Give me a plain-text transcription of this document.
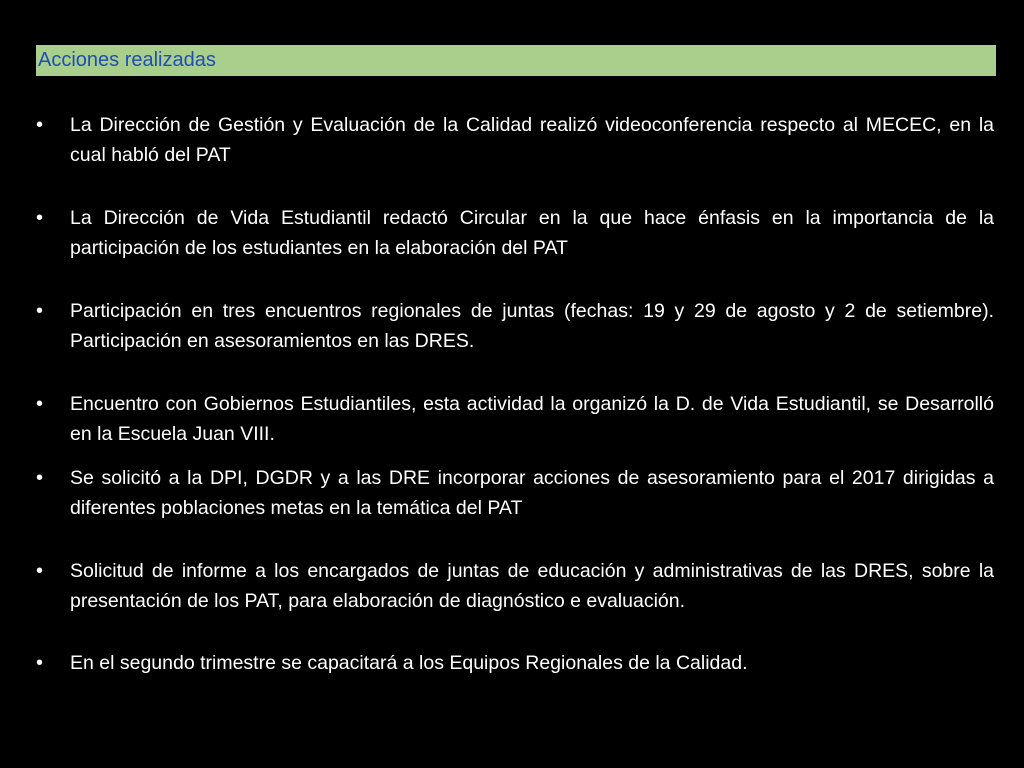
Acciones realizadas
•	La Dirección de Gestión y Evaluación de la Calidad realizó videoconferencia respecto al MECEC, en la cual habló del PAT
•	La Dirección de Vida Estudiantil redactó Circular en la que hace énfasis en la importancia de la participación de los estudiantes en la elaboración del PAT
•	Participación en tres encuentros regionales de juntas (fechas: 19 y 29 de agosto y 2 de setiembre). Participación en asesoramientos en las DRES.
•	Encuentro con Gobiernos Estudiantiles, esta actividad la organizó la D. de Vida Estudiantil, se Desarrolló en la Escuela Juan VIII.
•	Se solicitó a la DPI, DGDR y a las DRE incorporar acciones de asesoramiento para el 2017 dirigidas a diferentes poblaciones metas en la temática del PAT
•	Solicitud de informe a los encargados de juntas de educación y administrativas de las DRES, sobre la presentación de los PAT, para elaboración de diagnóstico e evaluación.
•	En el segundo trimestre se capacitará a los Equipos Regionales de la Calidad.
